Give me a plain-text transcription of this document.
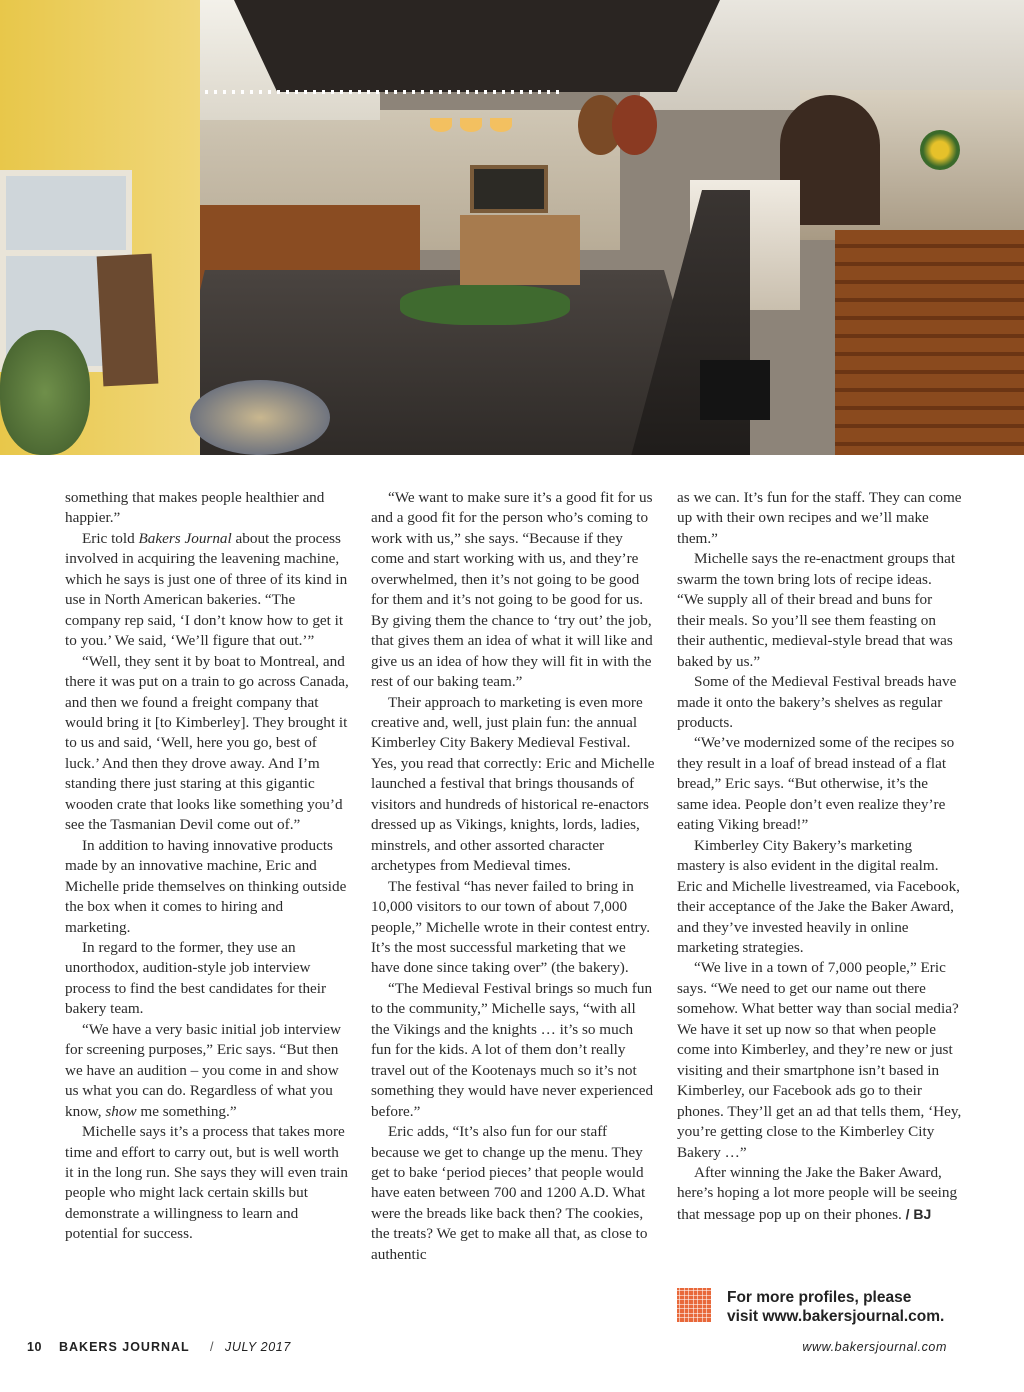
something that makes people healthier and happier.”

Eric told Bakers Journal about the process involved in acquiring the leavening machine, which he says is just one of three of its kind in use in North American bakeries. “The company rep said, ‘I don’t know how to get it to you.’ We said, ‘We’ll figure that out.’”

“Well, they sent it by boat to Montreal, and there it was put on a train to go across Canada, and then we found a freight company that would bring it [to Kimberley]. They brought it to us and said, ‘Well, here you go, best of luck.’ And then they drove away. And I’m standing there just staring at this gigantic wooden crate that looks like something you’d see the Tasmanian Devil come out of.”

In addition to having innovative products made by an innovative machine, Eric and Michelle pride themselves on thinking outside the box when it comes to hiring and marketing.

In regard to the former, they use an unorthodox, audition-style job interview process to find the best candidates for their bakery team.

“We have a very basic initial job interview for screening purposes,” Eric says. “But then we have an audition – you come in and show us what you can do. Regardless of what you know, show me something.”

Michelle says it’s a process that takes more time and effort to carry out, but is well worth it in the long run. She says they will even train people who might lack certain skills but demonstrate a willingness to learn and potential for success.

“We want to make sure it’s a good fit for us and a good fit for the person who’s coming to work with us,” she says. “Because if they come and start working with us, and they’re overwhelmed, then it’s not going to be good for them and it’s not going to be good for us. By giving them the chance to ‘try out’ the job, that gives them an idea of what it will like and give us an idea of how they will fit in with the rest of our baking team.”

Their approach to marketing is even more creative and, well, just plain fun: the annual Kimberley City Bakery Medieval Festival. Yes, you read that correctly: Eric and Michelle launched a festival that brings thousands of visitors and hundreds of historical re-enactors dressed up as Vikings, knights, lords, ladies, minstrels, and other assorted character archetypes from Medieval times.

The festival “has never failed to bring in 10,000 visitors to our town of about 7,000 people,” Michelle wrote in their contest entry. It’s the most successful marketing that we have done since taking over” (the bakery).

“The Medieval Festival brings so much fun to the community,” Michelle says, “with all the Vikings and the knights … it’s so much fun for the kids. A lot of them don’t really travel out of the Kootenays much so it’s not something they would have never experienced before.”

Eric adds, “It’s also fun for our staff because we get to change up the menu. They get to bake ‘period pieces’ that people would have eaten between 700 and 1200 A.D. What were the breads like back then? The cookies, the treats? We get to make all that, as close to authentic

as we can. It’s fun for the staff. They can come up with their own recipes and we’ll make them.”

Michelle says the re-enactment groups that swarm the town bring lots of recipe ideas. “We supply all of their bread and buns for their meals. So you’ll see them feasting on their authentic, medieval-style bread that was baked by us.”

Some of the Medieval Festival breads have made it onto the bakery’s shelves as regular products.

“We’ve modernized some of the recipes so they result in a loaf of bread instead of a flat bread,” Eric says. “But otherwise, it’s the same idea. People don’t even realize they’re eating Viking bread!”

Kimberley City Bakery’s marketing mastery is also evident in the digital realm. Eric and Michelle livestreamed, via Facebook, their acceptance of the Jake the Baker Award, and they’ve invested heavily in online marketing strategies.

“We live in a town of 7,000 people,” Eric says. “We need to get our name out there somehow. What better way than social media? We have it set up now so that when people come into Kimberley, and they’re new or just visiting and their smartphone isn’t based in Kimberley, our Facebook ads go to their phones. They’ll get an ad that tells them, ‘Hey, you’re getting close to the Kimberley City Bakery …”

After winning the Jake the Baker Award, here’s hoping a lot more people will be seeing that message pop up on their phones. / BJ

For more profiles, please
visit www.bakersjournal.com.
10 BAKERS JOURNAL / JULY 2017	www.bakersjournal.com
